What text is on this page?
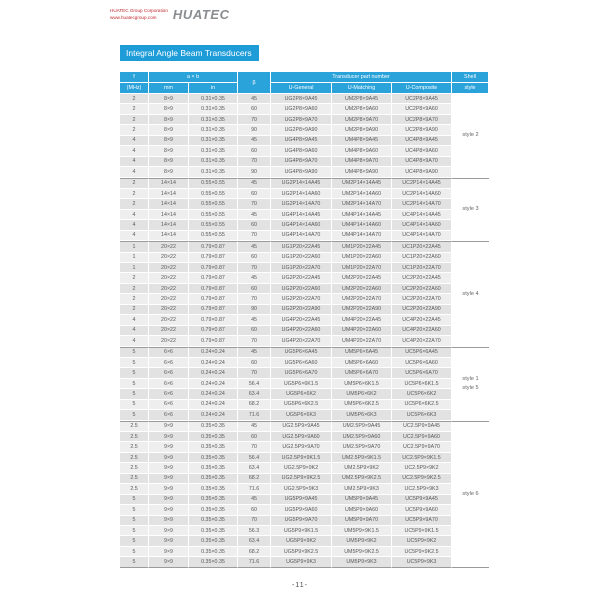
HUATEC Group Corporation
www.huatecgroup.com	HUATEC
Integral Angle Beam Transducers
f	a × b		β	Transducer part number			Shell
(MHz)	mm	in		U-General	U-Matching	U-Composite	style
2	8×9	0.31×0.35	45	UG2P8×9A45	UM2P8×9A45	UC2P8×9A45	style 2
2	8×9	0.31×0.35	60	UG2P8×9A60	UM2P8×9A60	UC2P8×9A60	
2	8×9	0.31×0.35	70	UG2P8×9A70	UM2P8×9A70	UC2P8×9A70	
2	8×9	0.31×0.35	90	UG2P8×9A90	UM2P8×9A90	UC2P8×9A90	
4	8×9	0.31×0.35	45	UG4P8×9A45	UM4P8×9A45	UC4P8×9A45	
4	8×9	0.31×0.35	60	UG4P8×9A60	UM4P8×9A60	UC4P8×9A60	
4	8×9	0.31×0.35	70	UG4P8×9A70	UM4P8×9A70	UC4P8×9A70	
4	8×9	0.31×0.35	90	UG4P8×9A90	UM4P8×9A90	UC4P8×9A90	
2	14×14	0.55×0.55	45	UG2P14×14A45	UM2P14×14A45	UC2P14×14A45	style 3
2	14×14	0.55×0.55	60	UG2P14×14A60	UM2P14×14A60	UC2P14×14A60	
2	14×14	0.55×0.55	70	UG2P14×14A70	UM2P14×14A70	UC2P14×14A70	
4	14×14	0.55×0.55	45	UG4P14×14A45	UM4P14×14A45	UC4P14×14A45	
4	14×14	0.55×0.55	60	UG4P14×14A60	UM4P14×14A60	UC4P14×14A60	
4	14×14	0.55×0.55	70	UG4P14×14A70	UM4P14×14A70	UC4P14×14A70	
1	20×22	0.79×0.87	45	UG1P20×22A45	UM1P20×22A45	UC1P20×22A45	style 4
1	20×22	0.79×0.87	60	UG1P20×22A60	UM1P20×22A60	UC1P20×22A60	
1	20×22	0.79×0.87	70	UG1P20×22A70	UM1P20×22A70	UC1P20×22A70	
2	20×22	0.79×0.87	45	UG2P20×22A45	UM2P20×22A45	UC2P20×22A45	
2	20×22	0.79×0.87	60	UG2P20×22A60	UM2P20×22A60	UC2P20×22A60	
2	20×22	0.79×0.87	70	UG2P20×22A70	UM2P20×22A70	UC2P20×22A70	
2	20×22	0.79×0.87	90	UG2P20×22A90	UM2P20×22A90	UC2P20×22A90	
4	20×22	0.79×0.87	45	UG4P20×22A45	UM4P20×22A45	UC4P20×22A45	
4	20×22	0.79×0.87	60	UG4P20×22A60	UM4P20×22A60	UC4P20×22A60	
4	20×22	0.79×0.87	70	UG4P20×22A70	UM4P20×22A70	UC4P20×22A70	
5	6×6	0.24×0.24	45	UG5P6×6A45	UM5P6×6A45	UC5P6×6A45	style 1
style 5
5	6×6	0.24×0.24	60	UG5P6×6A60	UM5P6×6A60	UC5P6×6A60	
5	6×6	0.24×0.24	70	UG5P6×6A70	UM5P6×6A70	UC5P6×6A70	
5	6×6	0.24×0.24	56.4	UG5P6×6K1.5	UM5P6×6K1.5	UC5P6×6K1.5	
5	6×6	0.24×0.24	63.4	UG5P6×6K2	UM5P6×6K2	UC5P6×6K2	
5	6×6	0.24×0.24	68.2	UG5P6×6K2.5	UM5P6×6K2.5	UC5P6×6K2.5	
5	6×6	0.24×0.24	71.6	UG5P6×6K3	UM5P6×6K3	UC5P6×6K3	
2.5	9×9	0.35×0.35	45	UG2.5P9×9A45	UM2.5P9×9A45	UC2.5P9×9A45	style 6
2.5	9×9	0.35×0.35	60	UG2.5P9×9A60	UM2.5P9×9A60	UC2.5P9×9A60	
2.5	9×9	0.35×0.35	70	UG2.5P9×9A70	UM2.5P9×9A70	UC2.5P9×9A70	
2.5	9×9	0.35×0.35	56.4	UG2.5P9×9K1.5	UM2.5P9×9K1.5	UC2.5P9×9K1.5	
2.5	9×9	0.35×0.35	63.4	UG2.5P9×9K2	UM2.5P9×9K2	UC2.5P9×9K2	
2.5	9×9	0.35×0.35	68.2	UG2.5P9×9K2.5	UM2.5P9×9K2.5	UC2.5P9×9K2.5	
2.5	9×9	0.35×0.35	71.6	UG2.5P9×9K3	UM2.5P9×9K3	UC2.5P9×9K3	
5	9×9	0.35×0.35	45	UG5P9×9A45	UM5P9×9A45	UC5P9×9A45	
5	9×9	0.35×0.35	60	UG5P9×9A60	UM5P9×9A60	UC5P9×9A60	
5	9×9	0.35×0.35	70	UG5P9×9A70	UM5P9×9A70	UC5P9×9A70	
5	9×9	0.35×0.35	56.3	UG5P9×9K1.5	UM5P9×9K1.5	UC5P9×9K1.5	
5	9×9	0.35×0.35	63.4	UG5P9×9K2	UM5P9×9K2	UC5P9×9K2	
5	9×9	0.35×0.35	68.2	UG5P9×9K2.5	UM5P9×9K2.5	UC5P9×9K2.5	
5	9×9	0.35×0.35	71.6	UG5P9×9K3	UM5P9×9K3	UC5P9×9K3	
-11-
